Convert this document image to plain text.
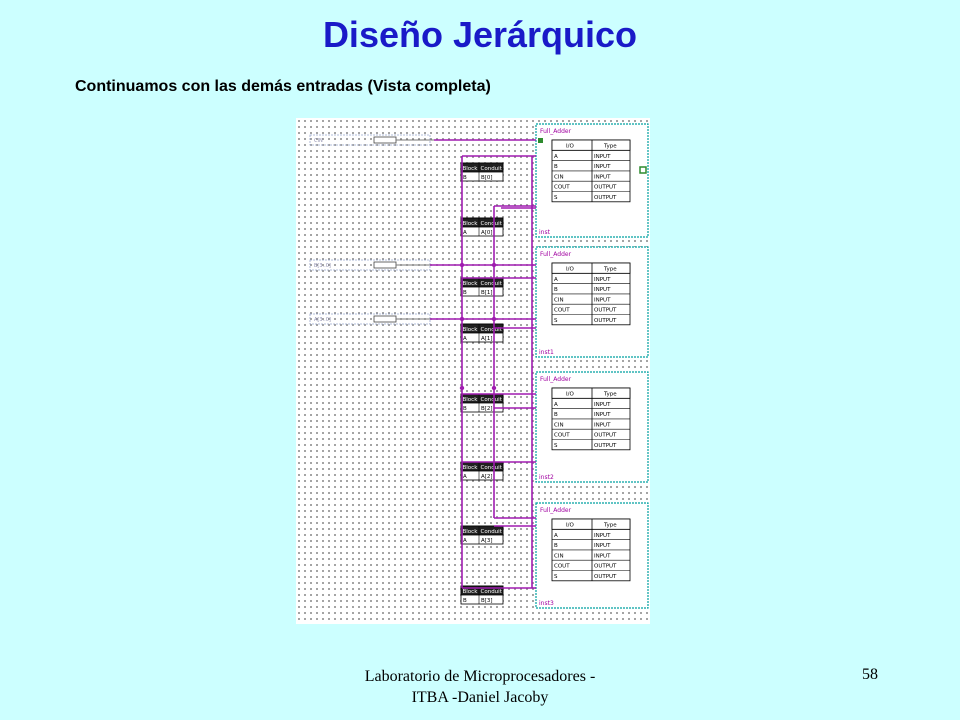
Diseño Jerárquico
Continuamos con las demás entradas (Vista completa)
Full_Adder
I/O	Type
A	INPUT
B	INPUT
CIN	INPUT
COUT	OUTPUT
S	OUTPUT
inst
Full_Adder
I/O	Type
A	INPUT
B	INPUT
CIN	INPUT
COUT	OUTPUT
S	OUTPUT
inst1
Full_Adder
I/O	Type
A	INPUT
B	INPUT
CIN	INPUT
COUT	OUTPUT
S	OUTPUT
inst2
Full_Adder
I/O	Type
A	INPUT
B	INPUT
CIN	INPUT
COUT	OUTPUT
S	OUTPUT
inst3
CIN
B[3..0]
A[3..0]
Block Conduit
B	B[0]
Block Conduit
A	A[0]
Block Conduit
B	B[1]
Block Conduit
A	A[1]
Block Conduit
B	B[2]
Block Conduit
A	A[2]
Block Conduit
A	A[3]
Block Conduit
B	B[3]
Laboratorio de Microprocesadores -
ITBA -Daniel Jacoby
58
